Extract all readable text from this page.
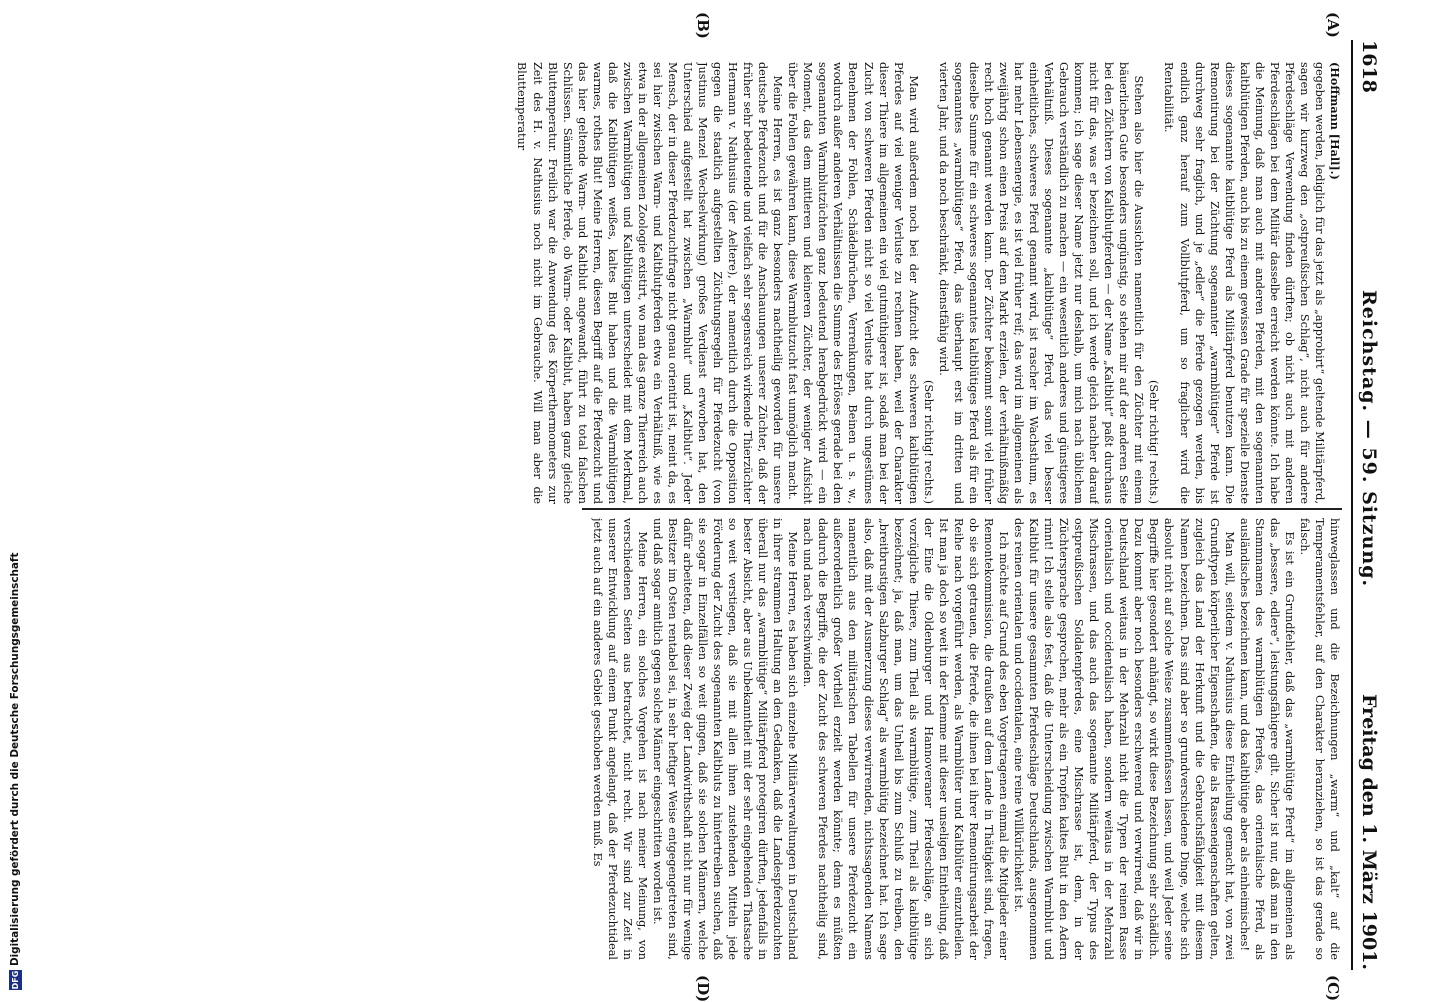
1618
Reichstag. — 59. Sitzung.
Freitag den 1. März 1901.
(A)
(B)
(C)
(D)

(Hoffmann [Hall].)

gegeben werden, lediglich für das jetzt als „approbirt“ geltende Militärpferd, sagen wir kurzweg den „ostpreußischen Schlag“, nicht auch für andere Pferdeschläge Verwendung finden dürften; ob nicht auch mit anderen Pferdeschlägen bei dem Militär dasselbe erreicht werden könnte. Ich habe die Meinung, daß man auch mit anderen Pferden, mit den sogenannten kaltblütigen Pferden, auch bis zu einem gewissen Grade für spezielle Dienste dieses sogenannte kaltblütige Pferd als Militärpferd benutzen kann. Die Remontirung bei der Züchtung sogenannter „warmblütiger“ Pferde ist durchweg sehr fraglich, und je „edler“ die Pferde gezogen werden, bis endlich ganz herauf zum Vollblutpferd, um so fraglicher wird die Rentabilität.

(Sehr richtig! rechts.)

Stehen also hier die Aussichten namentlich für den Züchter mit einem bäuerlichen Gute besonders ungünstig, so stehen mir auf der anderen Seite bei den Züchtern von Kaltblutpferden — der Name „Kaltblut“ paßt durchaus nicht für das, was er bezeichnen soll, und ich werde gleich nachher darauf kommen; ich sage dieser Name jetzt nur deshalb, um mich nach üblichem Gebrauch verständlich zu machen — ein wesentlich anderes und günstigeres Verhältniß. Dieses sogenannte „kaltblütige“ Pferd, das viel besser einheitliches, schweres Pferd genannt wird, ist rascher im Wachsthum, es hat mehr Lebensenergie, es ist viel früher reif; das wird im allgemeinen als zweijährig schon einen Preis auf dem Markt erzielen, der verhältnißmäßig recht hoch genannt werden kann. Der Züchter bekommt somit viel früher dieselbe Summe für ein schweres sogenanntes kaltblütiges Pferd als für ein sogenanntes „warmblütiges“ Pferd, das überhaupt erst im dritten und vierten Jahr, und da noch beschränkt, dienstfähig wird.

(Sehr richtig! rechts.)

Man wird außerdem noch bei der Aufzucht des schweren kaltblütigen Pferdes auf viel weniger Verluste zu rechnen haben, weil der Charakter dieser Thiere im allgemeinen ein viel gutmüthigerer ist, sodaß man bei der Zucht von schweren Pferden nicht so viel Verluste hat durch ungestümes Benehmen der Fohlen, Schädelbrüchen, Verrenkungen, Beinen u. s. w., wodurch außer anderen Verhältnissen die Summe des Erlöses gerade bei den sogenannten Warmblutzüchten ganz bedeutend herabgedrückt wird — ein Moment, das dem mittleren und kleineren Züchter, der weniger Aufsicht über die Fohlen gewähren kann, diese Warmblutzucht fast unmöglich macht.

Meine Herren, es ist ganz besonders nachtheilig geworden für unsere deutsche Pferdezucht und für die Anschauungen unserer Züchter, daß der früher sehr bedeutende und vielfach sehr segensreich wirkende Thierzüchter Hermann v. Nathusius (der Aeltere), der namentlich durch die Opposition gegen die staatlich aufgestellten Züchtungsregeln für Pferdezucht (von Justinus Menzel Wechselwirkung) großes Verdienst erworben hat, den Unterschied aufgestellt hat zwischen „Warmblut“ und „Kaltblut“. Jeder Mensch, der in dieser Pferdezuchtfrage nicht genau orientirt ist, meint da, es sei hier zwischen Warm- und Kaltblutpferden etwa ein Verhältniß, wie es etwa in der allgemeinen Zoologie existirt, wo man das ganze Thierreich auch zwischen Warmblütigen und Kaltblütigen unterscheidet mit dem Merkmal, daß die Kaltblütigen weißes, kaltes Blut haben und die Warmblütigen warmes, rothes Blut! Meine Herren, diesen Begriff auf die Pferdezucht und das hier geltende Warm- und Kaltblut angewandt, führt zu total falschen Schlüssen. Sämmtliche Pferde, ob Warm- oder Kaltblut, haben ganz gleiche Bluttemperatur. Freilich war die Anwendung des Körperthermometers zur Zeit des H. v. Nathusius noch nicht im Gebrauche. Will man aber die Bluttemperatur

hinweglassen und die Bezeichnungen „warm“ und „kalt“ auf die Temperamentsfehler, auf den Charakter heranziehen, so ist das gerade so falsch.

Es ist ein Grundfehler, daß das „warmblütige Pferd“ im allgemeinen als das „bessere, edlere“, leistungsfähigere gilt. Sicher ist nur, daß man in den Stammnamen des warmblütigen Pferdes, das orientalische Pferd, als ausländisches bezeichnen kann, und das kaltblütige aber als einheimisches!

Man will, seitdem v. Nathusius diese Eintheilung gemacht hat, von zwei Grundtypen körperlicher Eigenschaften, die als Rasseneigenschaften gelten, zugleich das Land der Herkunft und die Gebrauchsfähigkeit mit diesem Namen bezeichnen. Das sind aber so grundverschiedene Dinge, welche sich absolut nicht auf solche Weise zusammenfassen lassen, und weil Jeder seine Begriffe hier gesondert anhängt, so wirkt diese Bezeichnung sehr schädlich. Dazu kommt aber noch besonders erschwerend und verwirrend, daß wir in Deutschland weitaus in der Mehrzahl nicht die Typen der reinen Rasse orientalisch und occidentalisch haben, sondern weitaus in der Mehrzahl Mischrassen, und das auch das sogenannte Militärpferd, der Typus des ostpreußischen Soldatenpferdes, eine Mischrasse ist, dem, in der Züchtersprache gesprochen, mehr als ein Tropfen kaltes Blut in den Adern rinnt! Ich stelle also fest, daß die Unterscheidung zwischen Warmblut und Kaltblut für unsere gesammten Pferdeschläge Deutschlands, ausgenommen des reinen orientalen und occidentalen, eine reine Willkürlichkeit ist.

Ich möchte auf Grund des eben Vorgetragenen einmal die Mitglieder einer Remontekommission, die draußen auf dem Lande in Thätigkeit sind, fragen, ob sie sich getrauen, die Pferde, die ihnen bei ihrer Remontirungsarbeit der Reihe nach vorgeführt werden, als Warmblüter und Kaltblüter einzutheilen. Ist man ja doch so weit in der Klemme mit dieser unseligen Eintheilung, daß der Eine die Oldenburger und Hannoveraner Pferdeschläge, an sich vorzügliche Thiere, zum Theil als warmblütige, zum Theil als kaltblütige bezeichnet; ja, daß man, um das Unheil bis zum Schluß zu treiben, den „breitbrustigen Salzburger Schlag“ als warmblütig bezeichnet hat. Ich sage also, daß mit der Ausmerzung dieses verwirrenden, nichtssagenden Namens namentlich aus den militärischen Tabellen für unsere Pferdezucht ein außerordentlich großer Vortheil erzielt werden könnte; denn es müßten dadurch die Begriffe, die der Zucht des schweren Pferdes nachtheilig sind, nach und nach verschwinden.

Meine Herren, es haben sich einzelne Militärverwaltungen in Deutschland in ihrer strammen Haltung an den Gedanken, daß die Landespferdezuchten überall nur das „warmblütige“ Militärpferd protegiren dürften, jedenfalls in bester Absicht, aber aus Unbekanntheit mit der sehr eingehenden Thatsache so weit verstiegen, daß sie mit allen ihnen zustehenden Mitteln jede Förderung der Zucht des sogenannten Kaltbluts zu hintertreiben suchen, daß sie sogar in Einzelfällen so weit gingen, daß sie solchen Männern, welche dafür arbeiteten, daß dieser Zweig der Landwirthschaft nicht nur für wenige Besitzer im Osten rentabel sei, in sehr heftiger Weise entgegengetreten sind, und daß sogar amtlich gegen solche Männer eingeschritten worden ist.

Meine Herren, ein solches Vorgehen ist nach meiner Meinung, von verschiedenen Seiten aus betrachtet, nicht recht. Wir sind zur Zeit in unserer Entwicklung auf einem Punkt angelangt, daß der Pferdezuchtideal jetzt auch auf ein anderes Gebiet geschoben werden muß. Es

DFG
Digitalisierung gefördert durch die Deutsche Forschungsgemeinschaft
